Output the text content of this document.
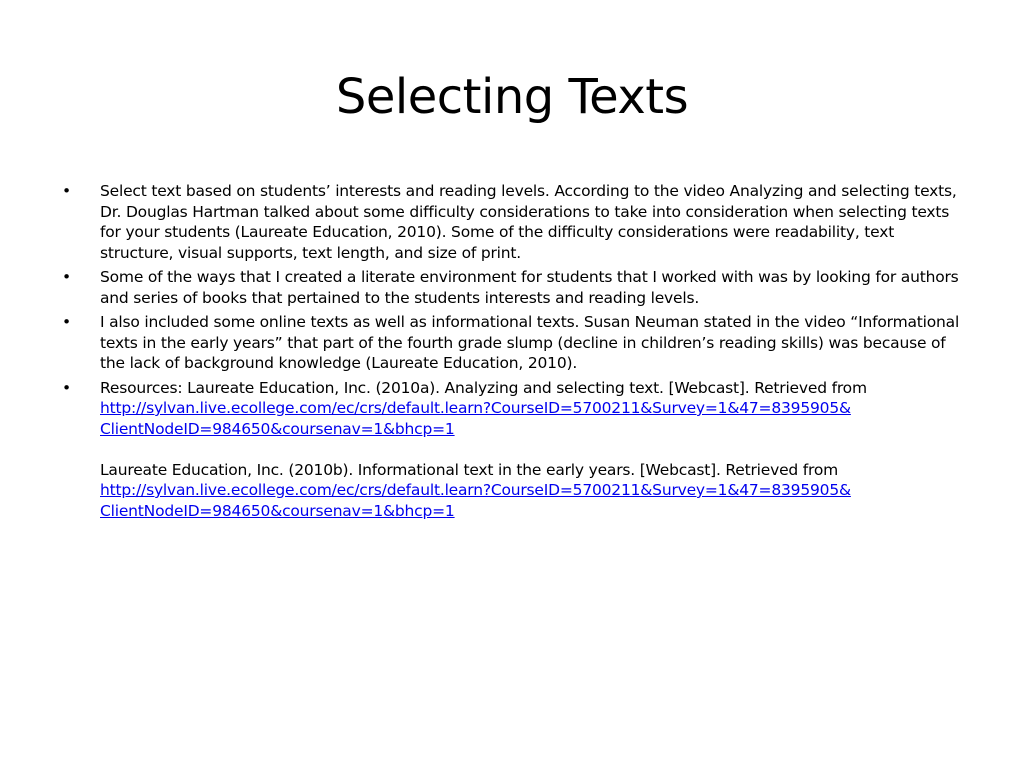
Selecting Texts
•	Select text based on students’ interests and reading levels. According to the video Analyzing and selecting texts, Dr. Douglas Hartman talked about some difficulty considerations to take into consideration when selecting texts for your students (Laureate Education, 2010). Some of the difficulty considerations were readability, text structure, visual supports, text length, and size of print.
•	Some of the ways that I created a literate environment for students that I worked with was by looking for authors and series of books that pertained to the students interests and reading levels.
•	I also included some online texts as well as informational texts. Susan Neuman stated in the video “Informational texts in the early years” that part of the fourth grade slump (decline in children’s reading skills) was because of the lack of background knowledge (Laureate Education, 2010).
•	Resources: Laureate Education, Inc. (2010a). Analyzing and selecting text. [Webcast]. Retrieved from
http://sylvan.live.ecollege.com/ec/crs/default.learn?CourseID=5700211&Survey=1&47=8395905&
ClientNodeID=984650&coursenav=1&bhcp=1
Laureate Education, Inc. (2010b). Informational text in the early years. [Webcast]. Retrieved from
http://sylvan.live.ecollege.com/ec/crs/default.learn?CourseID=5700211&Survey=1&47=8395905&
ClientNodeID=984650&coursenav=1&bhcp=1
